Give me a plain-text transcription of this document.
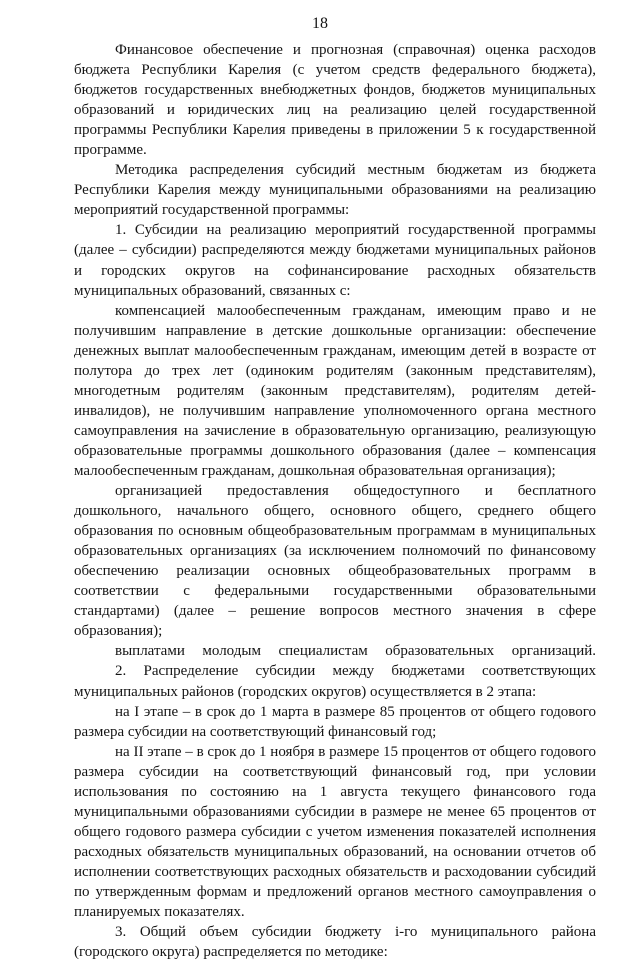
18

Финансовое обеспечение и прогнозная (справочная) оценка расходов бюджета Республики Карелия (с учетом средств федерального бюджета), бюджетов государственных внебюджетных фондов, бюджетов муниципальных образований и юридических лиц на реализацию целей государственной программы Республики Карелия приведены в приложении 5 к государственной программе.

Методика распределения субсидий местным бюджетам из бюджета Республики Карелия между муниципальными образованиями на реализацию мероприятий государственной программы:

1. Субсидии на реализацию мероприятий государственной программы (далее – субсидии) распределяются между бюджетами муниципальных районов и городских округов на софинансирование расходных обязательств муниципальных образований, связанных с:

компенсацией малообеспеченным гражданам, имеющим право и не получившим направление в детские дошкольные организации: обеспечение денежных выплат малообеспеченным гражданам, имеющим детей в возрасте от полутора до трех лет (одиноким родителям (законным представителям), многодетным родителям (законным представителям), родителям детей-инвалидов), не получившим направление уполномоченного органа местного самоуправления на зачисление в образовательную организацию, реализующую образовательные программы дошкольного образования (далее – компенсация малообеспеченным гражданам, дошкольная образовательная организация);

организацией предоставления общедоступного и бесплатного дошкольного, начального общего, основного общего, среднего общего образования по основным общеобразовательным программам в муниципальных образовательных организациях (за исключением полномочий по финансовому обеспечению реализации основных общеобразовательных программ в соответствии с федеральными государственными образовательными стандартами) (далее – решение вопросов местного значения в сфере образования);

выплатами молодым специалистам образовательных организаций.

2. Распределение субсидии между бюджетами соответствующих муниципальных районов (городских округов) осуществляется в 2 этапа:

на I этапе – в срок до 1 марта в размере 85 процентов от общего годового размера субсидии на соответствующий финансовый год;

на II этапе – в срок до 1 ноября в размере 15 процентов от общего годового размера субсидии на соответствующий финансовый год, при условии использования по состоянию на 1 августа текущего финансового года муниципальными образованиями субсидии в размере не менее 65 процентов от общего годового размера субсидии с учетом изменения показателей исполнения расходных обязательств муниципальных образований, на основании отчетов об исполнении соответствующих расходных обязательств и расходовании субсидий по утвержденным формам и предложений органов местного самоуправления о планируемых показателях.

3. Общий объем субсидии бюджету i-го муниципального района (городского округа) распределяется по методике:
